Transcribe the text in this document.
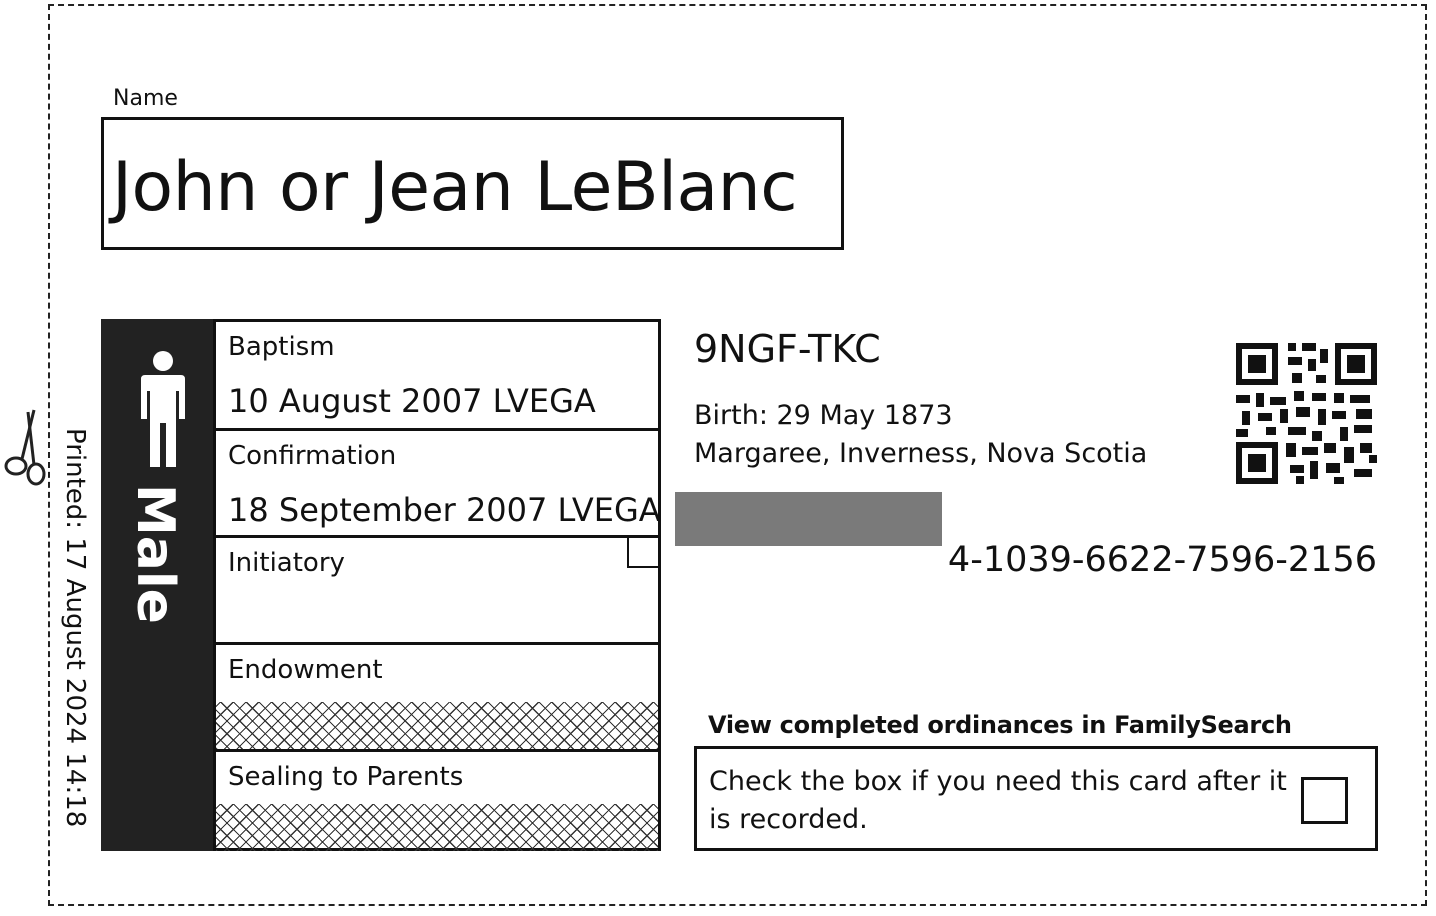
Printed: 17 August 2024 14:18
Name
John or Jean LeBlanc
Male
Baptism
10 August 2007 LVEGA
Confirmation
18 September 2007 LVEGA
Initiatory
Endowment
Sealing to Parents
9NGF-TKC
Birth: 29 May 1873
Margaree, Inverness, Nova Scotia
4-1039-6622-7596-2156
View completed ordinances in FamilySearch
Check the box if you need this card after it is recorded.
